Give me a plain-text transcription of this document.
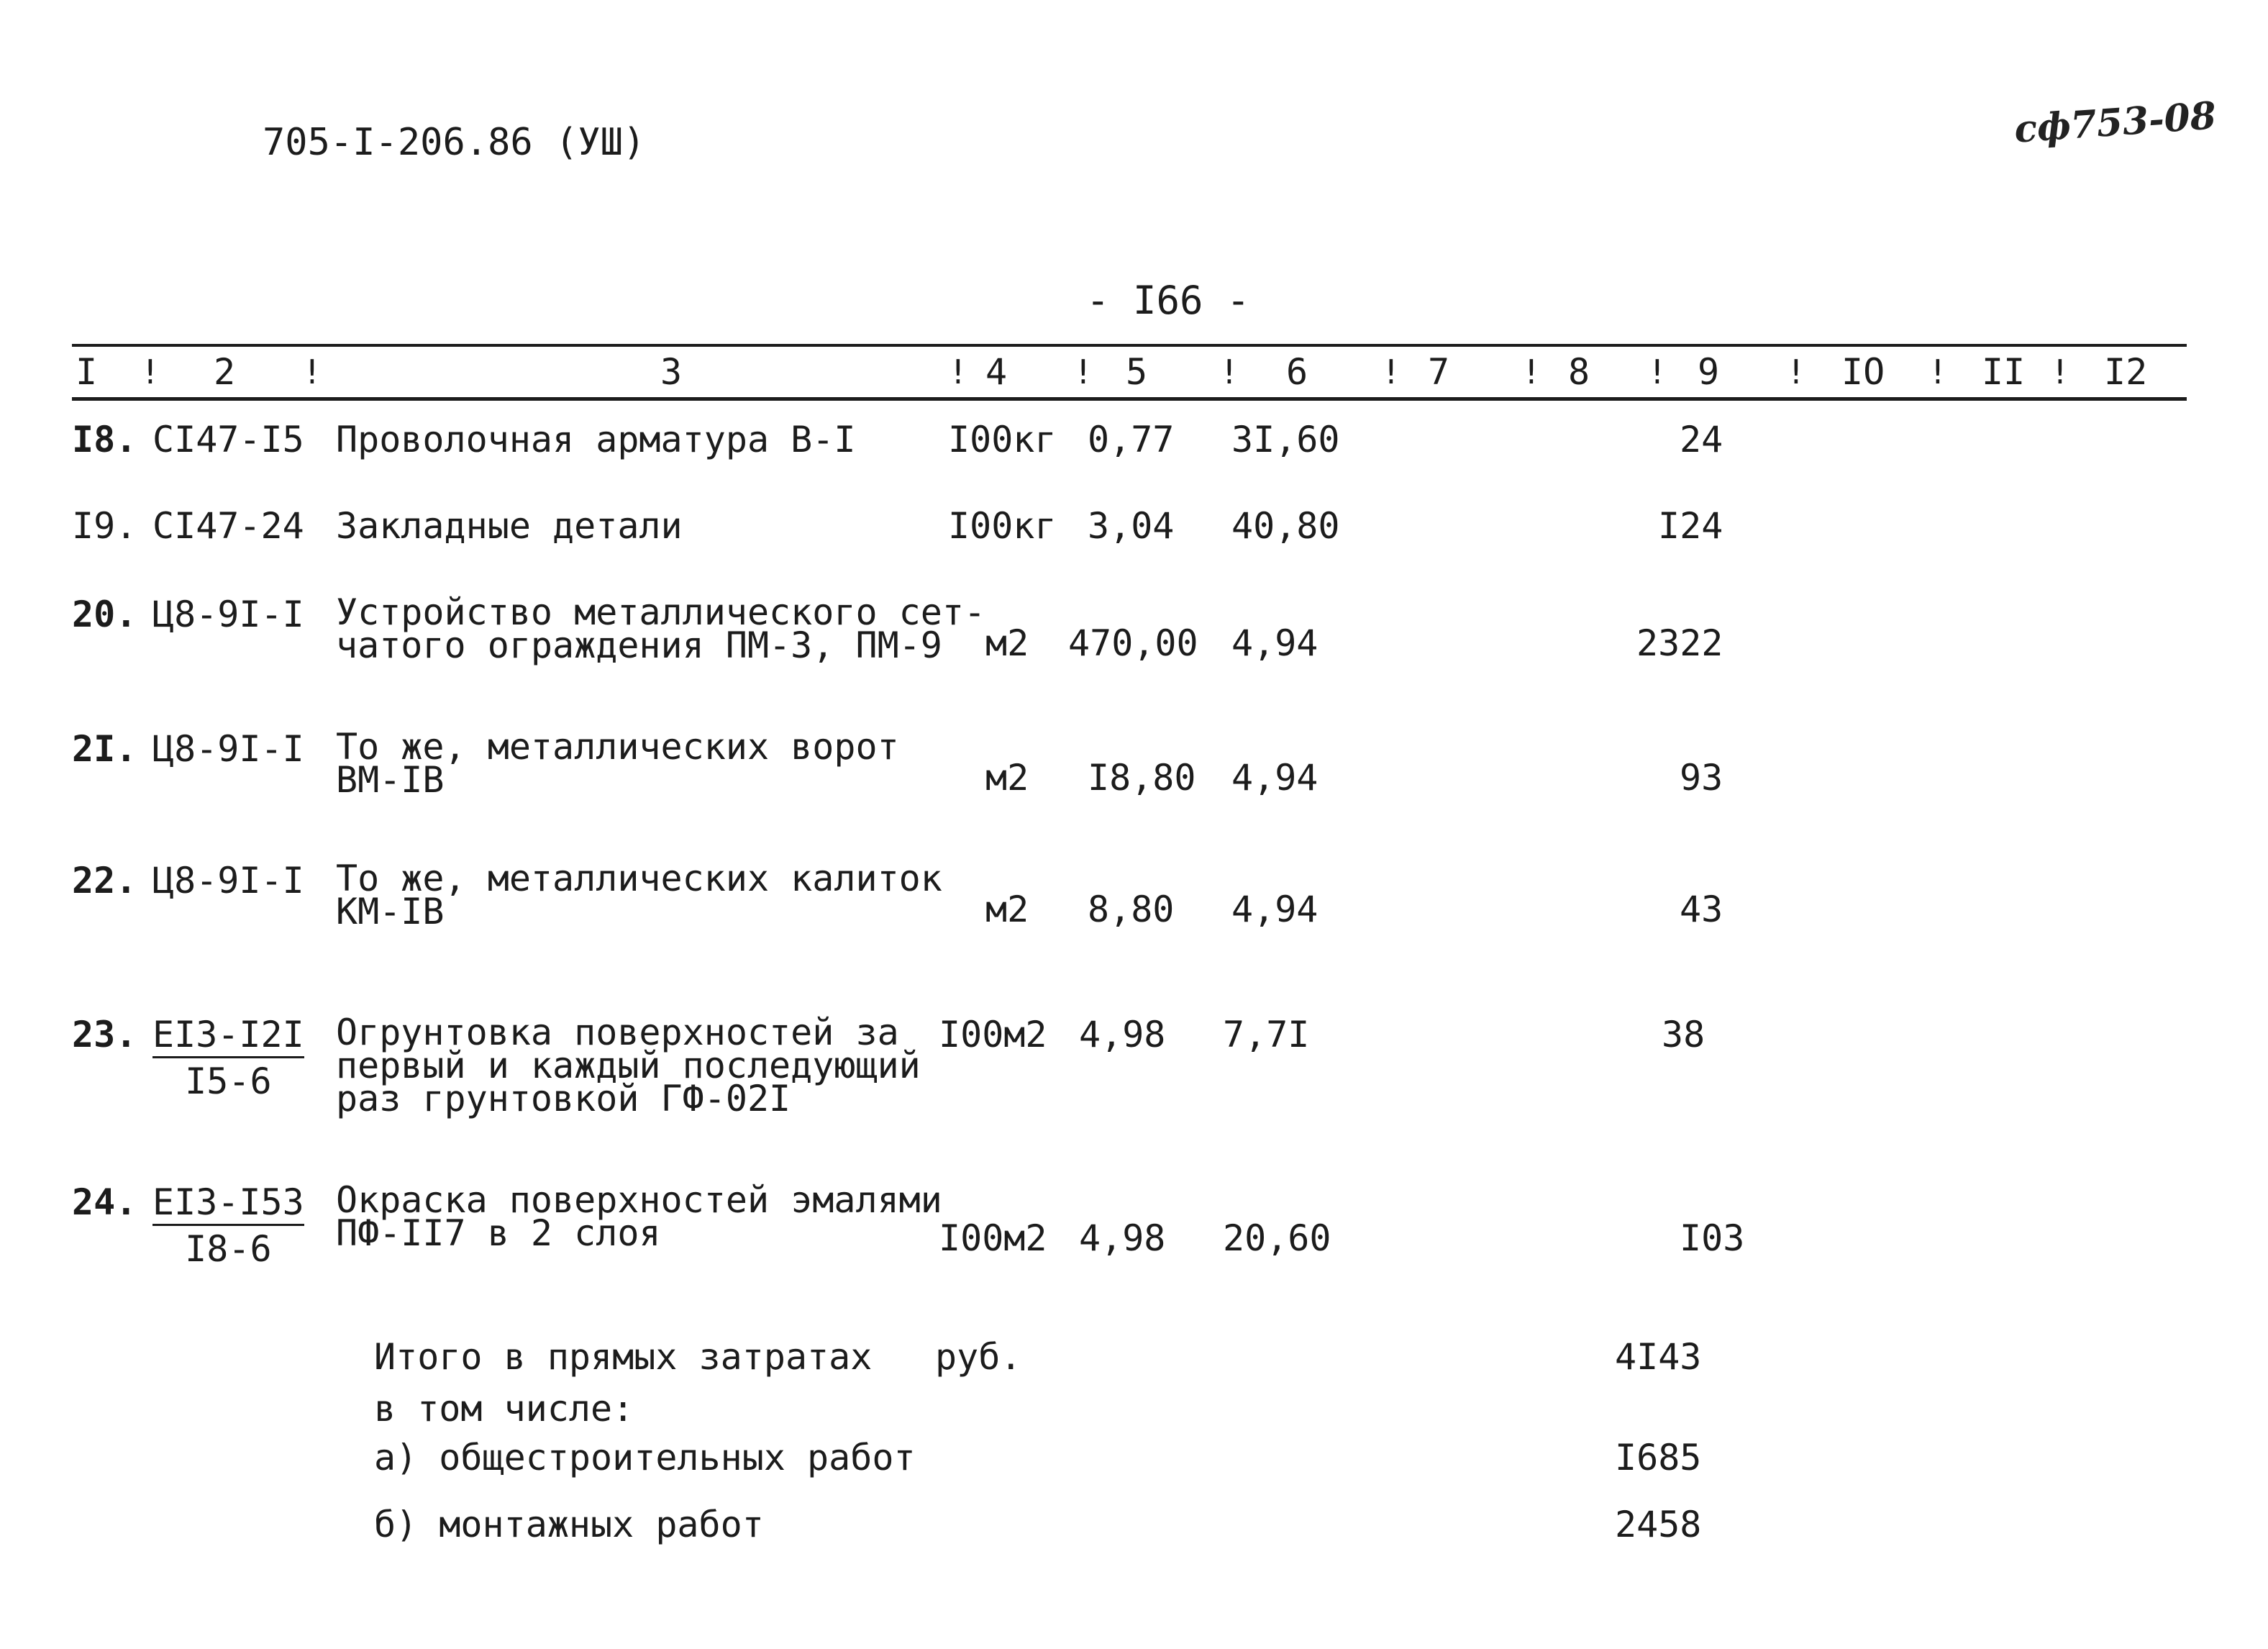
705-I-206.86 (УШ)	сф753-08
- I66 -
I	2	3	4	5	6	7	8	9	IO	II I2
!	!	!	!	!	!	!	!	!	!	!
I8. CI47-I5 Проволочная арматура В-I	I00кг 0,77 3I,60	24
I9. CI47-24 Закладные детали	I00кг 3,04 40,80	I24
20. Ц8-9I-I Устройство металлического сет-
чатого ограждения ПМ-3, ПМ-9	м2 470,00 4,94	2322
2I. Ц8-9I-I То же, металлических ворот
ВМ-IВ	м2 I8,80 4,94	93
22. Ц8-9I-I То же, металлических калиток
КМ-IВ	м2 8,80 4,94	43
23. ЕI3-I2I
I5-6
Огрунтовка поверхностей за
первый и каждый последующий
раз грунтовкой ГФ-02I
I00м2 4,98 7,7I	38
24. ЕI3-I53
I8-6
Окраска поверхностей эмалями
ПФ-II7 в 2 слоя	I00м2 4,98 20,60	I03
Итого в прямых затратах руб.	4I43
в том числе:
а) общестроительных работ	I685
б) монтажных работ	2458
